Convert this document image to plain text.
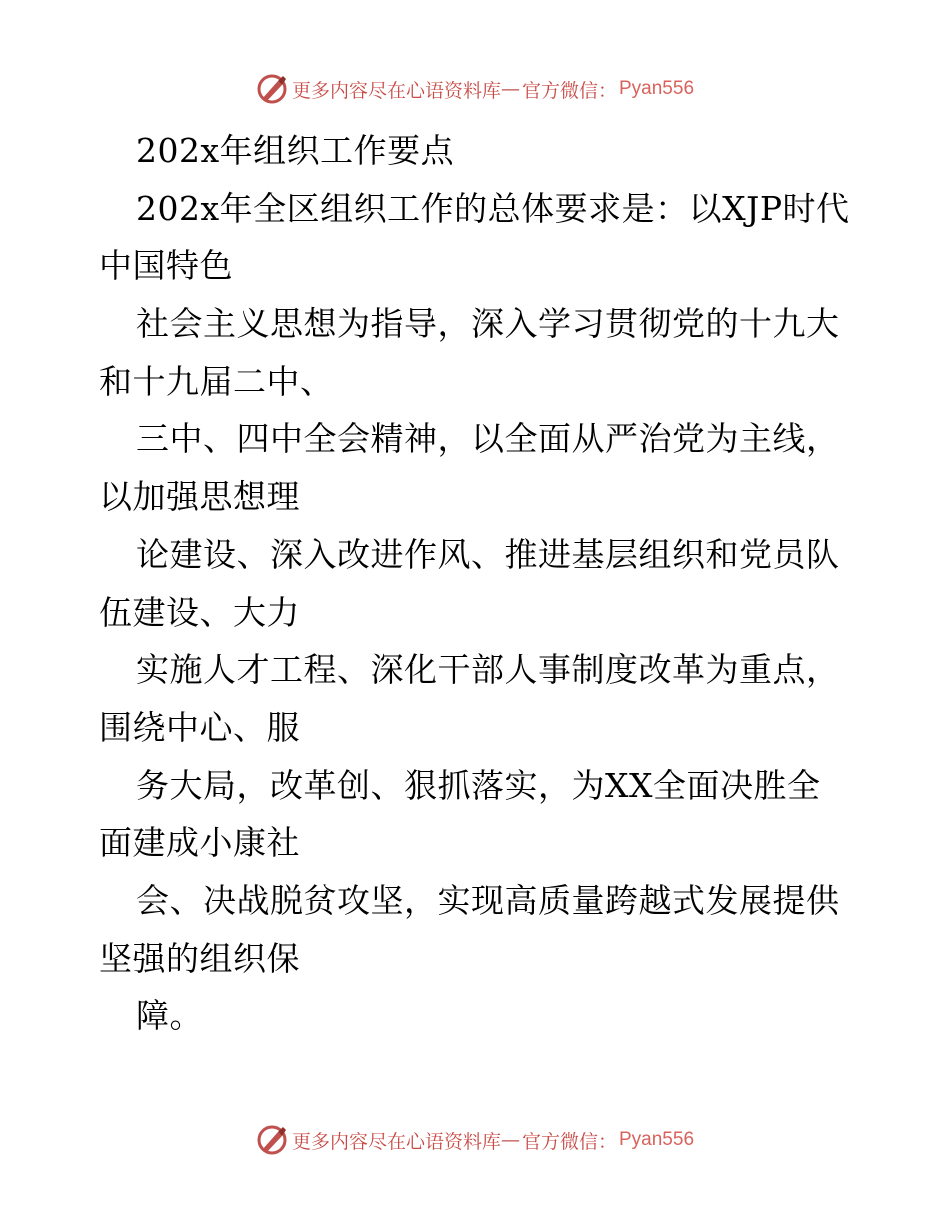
更多内容尽在心语资料库 — 官方微信： Pyan556
202x年组织工作要点
202x年全区组织工作的总体要求是：以XJP时代
中国特色
社会主义思想为指导，深入学习贯彻党的十九大
和十九届二中、
三中、四中全会精神，以全面从严治党为主线，
以加强思想理
论建设、深入改进作风、推进基层组织和党员队
伍建设、大力
实施人才工程、深化干部人事制度改革为重点，
围绕中心、服
务大局，改革创、狠抓落实，为XX全面决胜全
面建成小康社
会、决战脱贫攻坚，实现高质量跨越式发展提供
坚强的组织保
障。
更多内容尽在心语资料库 — 官方微信： Pyan556
